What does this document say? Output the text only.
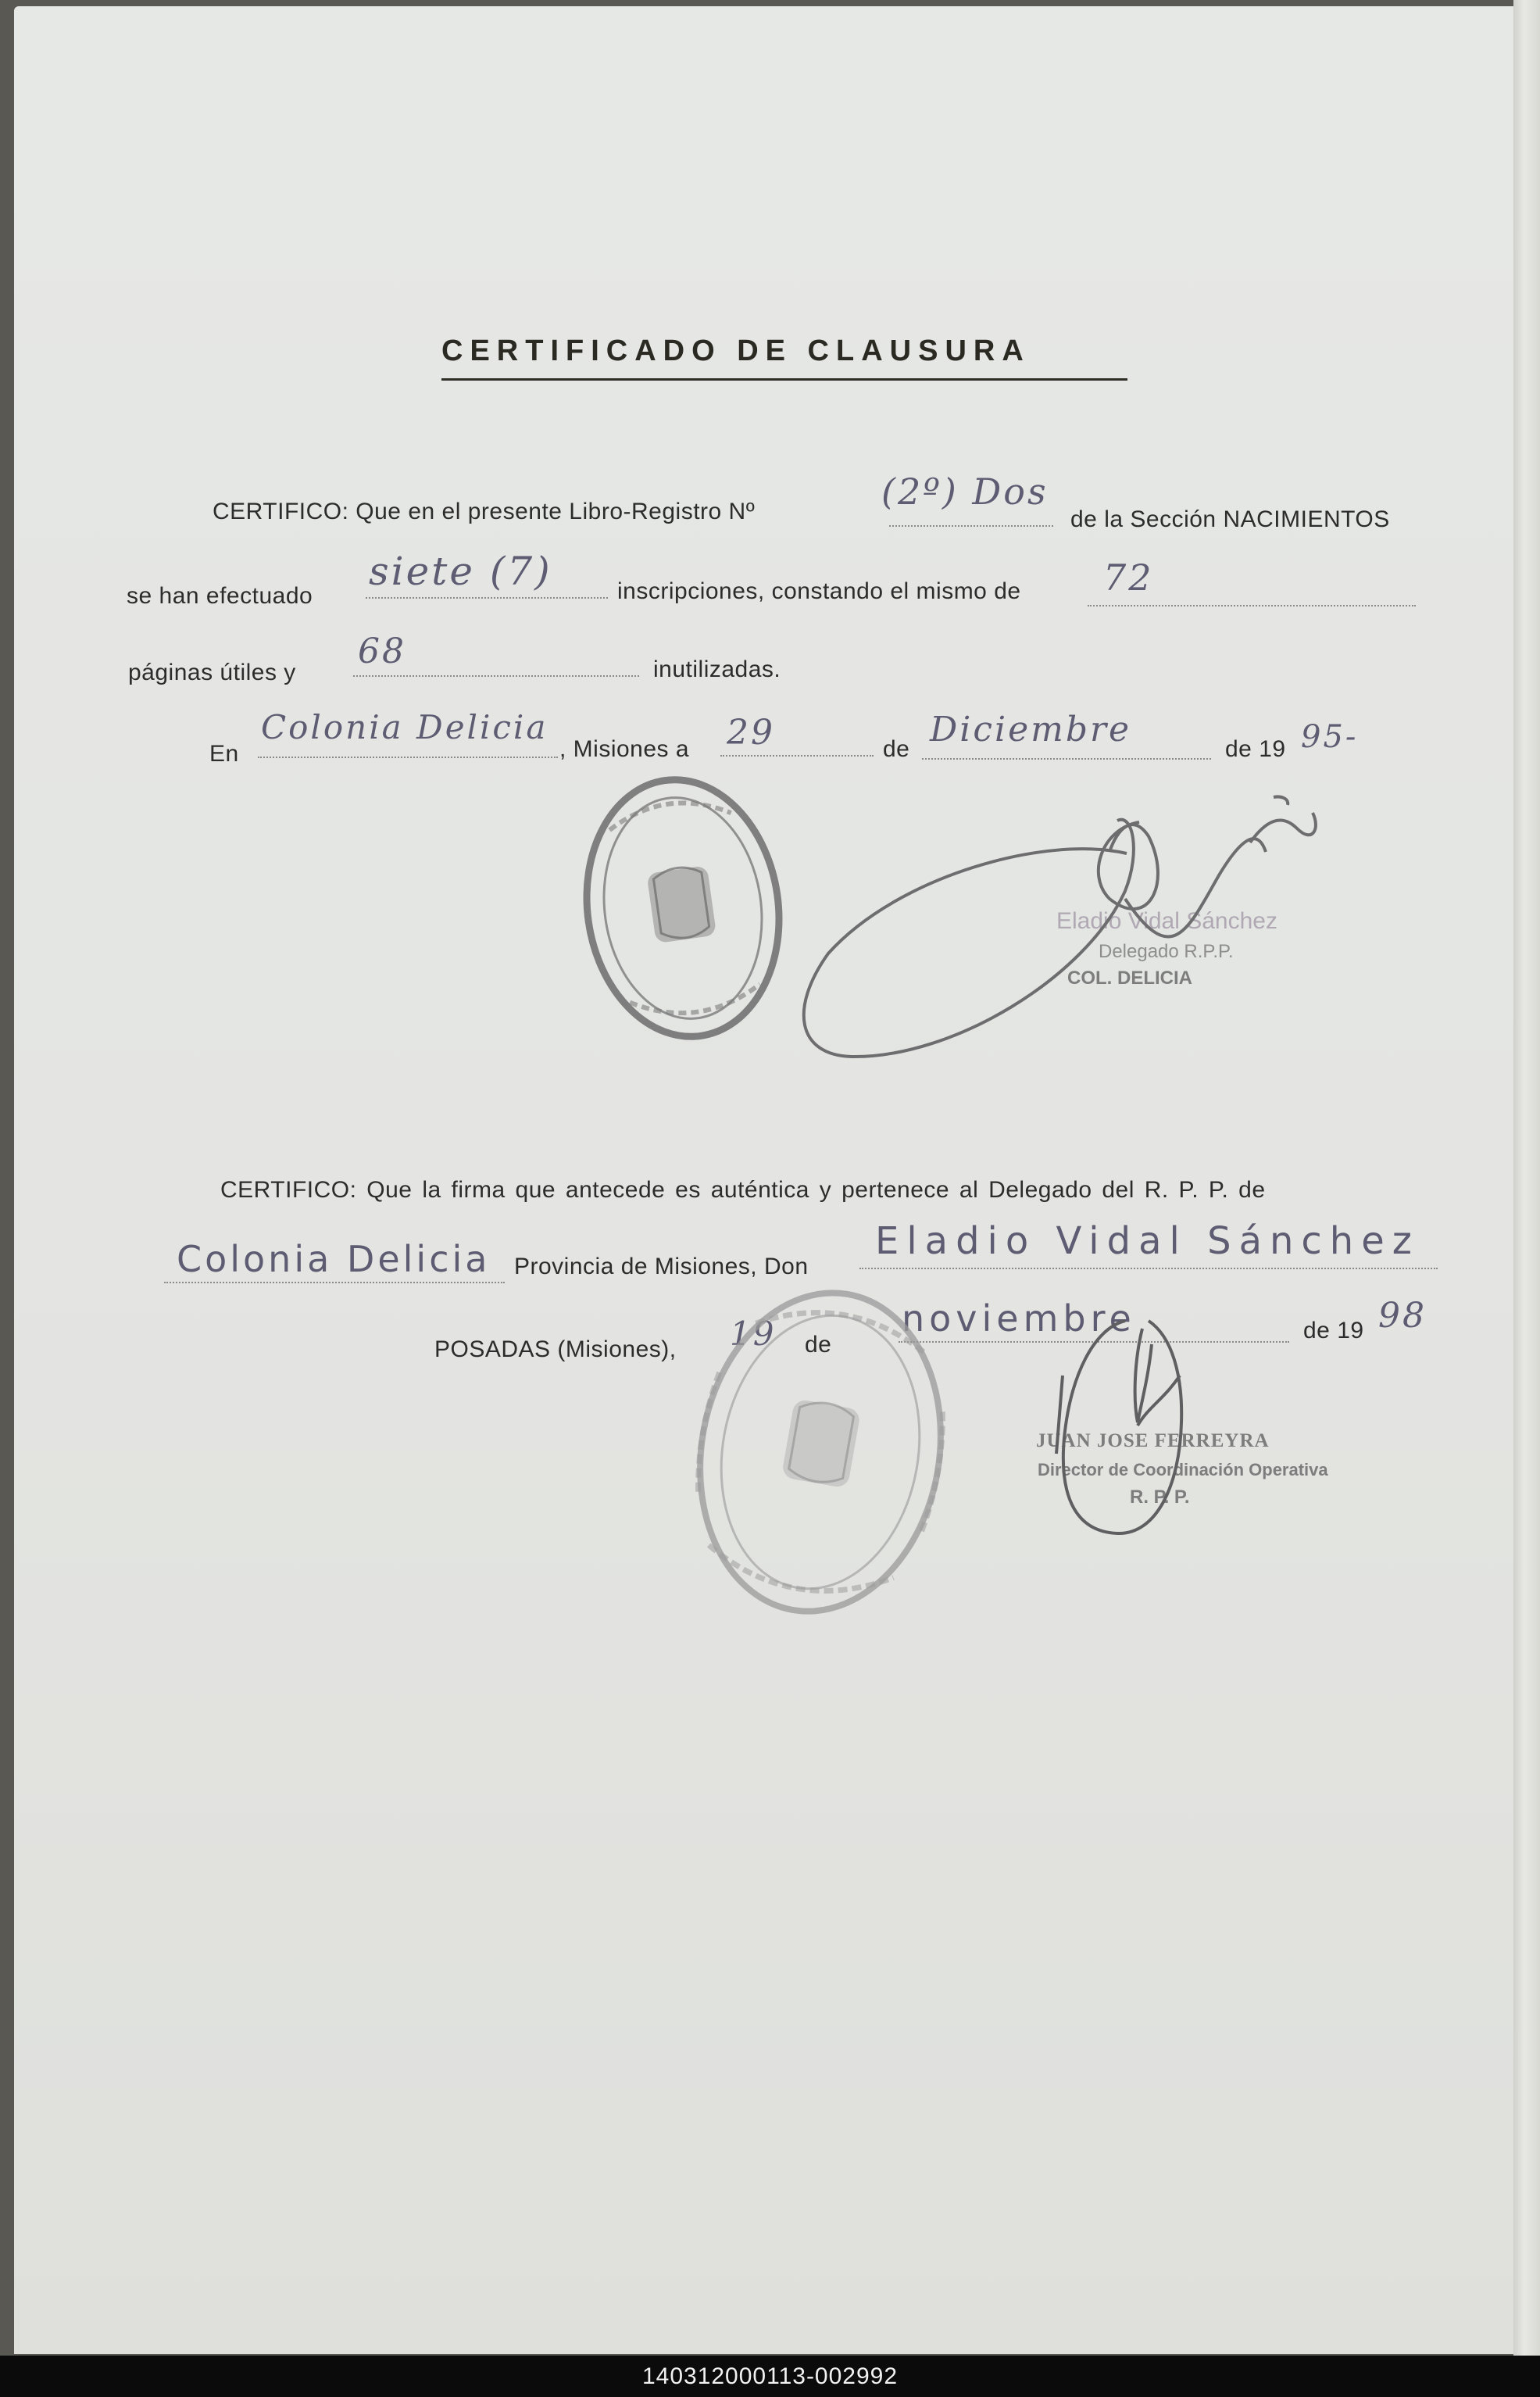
CERTIFICADO DE CLAUSURA
CERTIFICO: Que en el presente Libro-Registro Nº	(2º) Dos
de la Sección NACIMIENTOS
se han efectuado
siete (7)	inscripciones, constando el mismo de 72
páginas útiles y
68	inutilizadas.
En
Colonia Delicia
, Misiones a 29	de Diciembre	de 19 95-
Eladio Vidal Sánchez
Delegado R.P.P.
COL. DELICIA
CERTIFICO: Que la firma que antecede es auténtica y pertenece al Delegado del R. P. P. de
Colonia Delicia Provincia de Misiones, Don
Eladio Vidal Sánchez
POSADAS (Misiones), 19 de
noviembre	de 19 98
JUAN JOSE FERREYRA
Director de Coordinación Operativa
R. P. P.
140312000113-002992
